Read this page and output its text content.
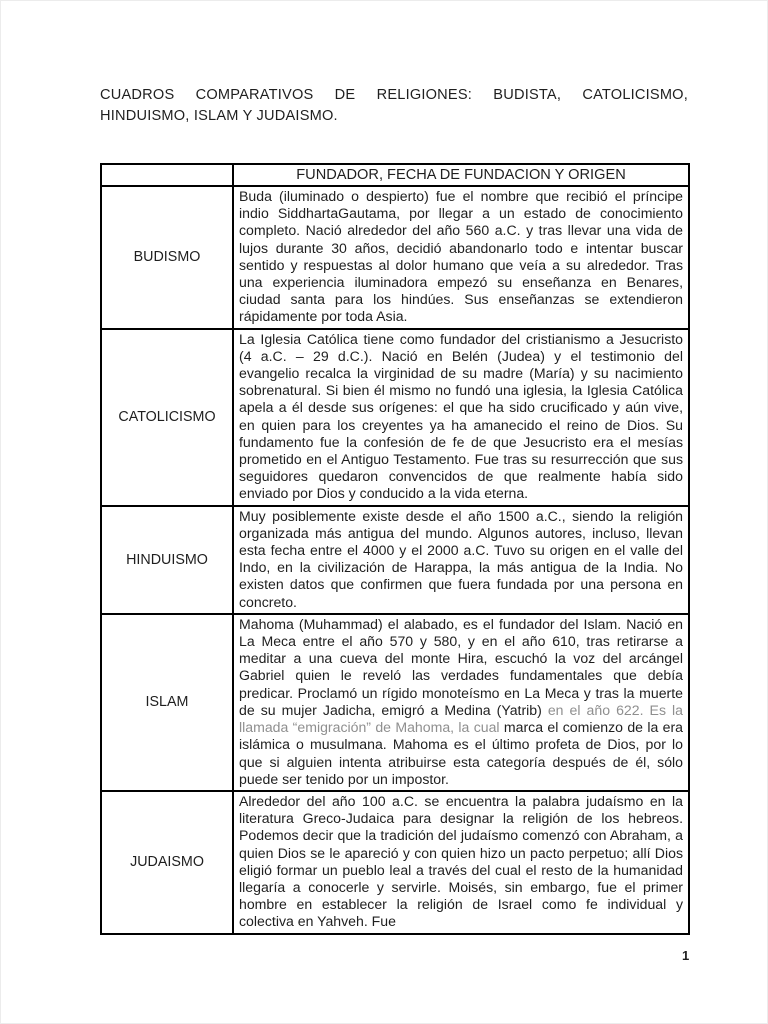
CUADROS COMPARATIVOS DE RELIGIONES: BUDISTA, CATOLICISMO, HINDUISMO, ISLAM Y JUDAISMO.
	FUNDADOR, FECHA DE FUNDACION Y ORIGEN
BUDISMO	Buda (iluminado o despierto) fue el nombre que recibió el príncipe indio SiddhartaGautama, por llegar a un estado de conocimiento completo. Nació alrededor del año 560 a.C. y tras llevar una vida de lujos durante 30 años, decidió abandonarlo todo e intentar buscar sentido y respuestas al dolor humano que veía a su alrededor. Tras una experiencia iluminadora empezó su enseñanza en Benares, ciudad santa para los hindúes. Sus enseñanzas se extendieron rápidamente por toda Asia.
CATOLICISMO	La Iglesia Católica tiene como fundador del cristianismo a Jesucristo (4 a.C. – 29 d.C.). Nació en Belén (Judea) y el testimonio del evangelio recalca la virginidad de su madre (María) y su nacimiento sobrenatural. Si bien él mismo no fundó una iglesia, la Iglesia Católica apela a él desde sus orígenes: el que ha sido crucificado y aún vive, en quien para los creyentes ya ha amanecido el reino de Dios. Su fundamento fue la confesión de fe de que Jesucristo era el mesías prometido en el Antiguo Testamento. Fue tras su resurrección que sus seguidores quedaron convencidos de que realmente había sido enviado por Dios y conducido a la vida eterna.
HINDUISMO	Muy posiblemente existe desde el año 1500 a.C., siendo la religión organizada más antigua del mundo. Algunos autores, incluso, llevan esta fecha entre el 4000 y el 2000 a.C. Tuvo su origen en el valle del Indo, en la civilización de Harappa, la más antigua de la India. No existen datos que confirmen que fuera fundada por una persona en concreto.
ISLAM	Mahoma (Muhammad) el alabado, es el fundador del Islam. Nació en La Meca entre el año 570 y 580, y en el año 610, tras retirarse a meditar a una cueva del monte Hira, escuchó la voz del arcángel Gabriel quien le reveló las verdades fundamentales que debía predicar. Proclamó un rígido monoteísmo en La Meca y tras la muerte de su mujer Jadicha, emigró a Medina (Yatrib) en el año 622. Es la llamada “emigración” de Mahoma, la cual marca el comienzo de la era islámica o musulmana. Mahoma es el último profeta de Dios, por lo que si alguien intenta atribuirse esta categoría después de él, sólo puede ser tenido por un impostor.
JUDAISMO	Alrededor del año 100 a.C. se encuentra la palabra judaísmo en la literatura Greco-Judaica para designar la religión de los hebreos. Podemos decir que la tradición del judaísmo comenzó con Abraham, a quien Dios se le apareció y con quien hizo un pacto perpetuo; allí Dios eligió formar un pueblo leal a través del cual el resto de la humanidad llegaría a conocerle y servirle. Moisés, sin embargo, fue el primer hombre en establecer la religión de Israel como fe individual y colectiva en Yahveh. Fue
1
